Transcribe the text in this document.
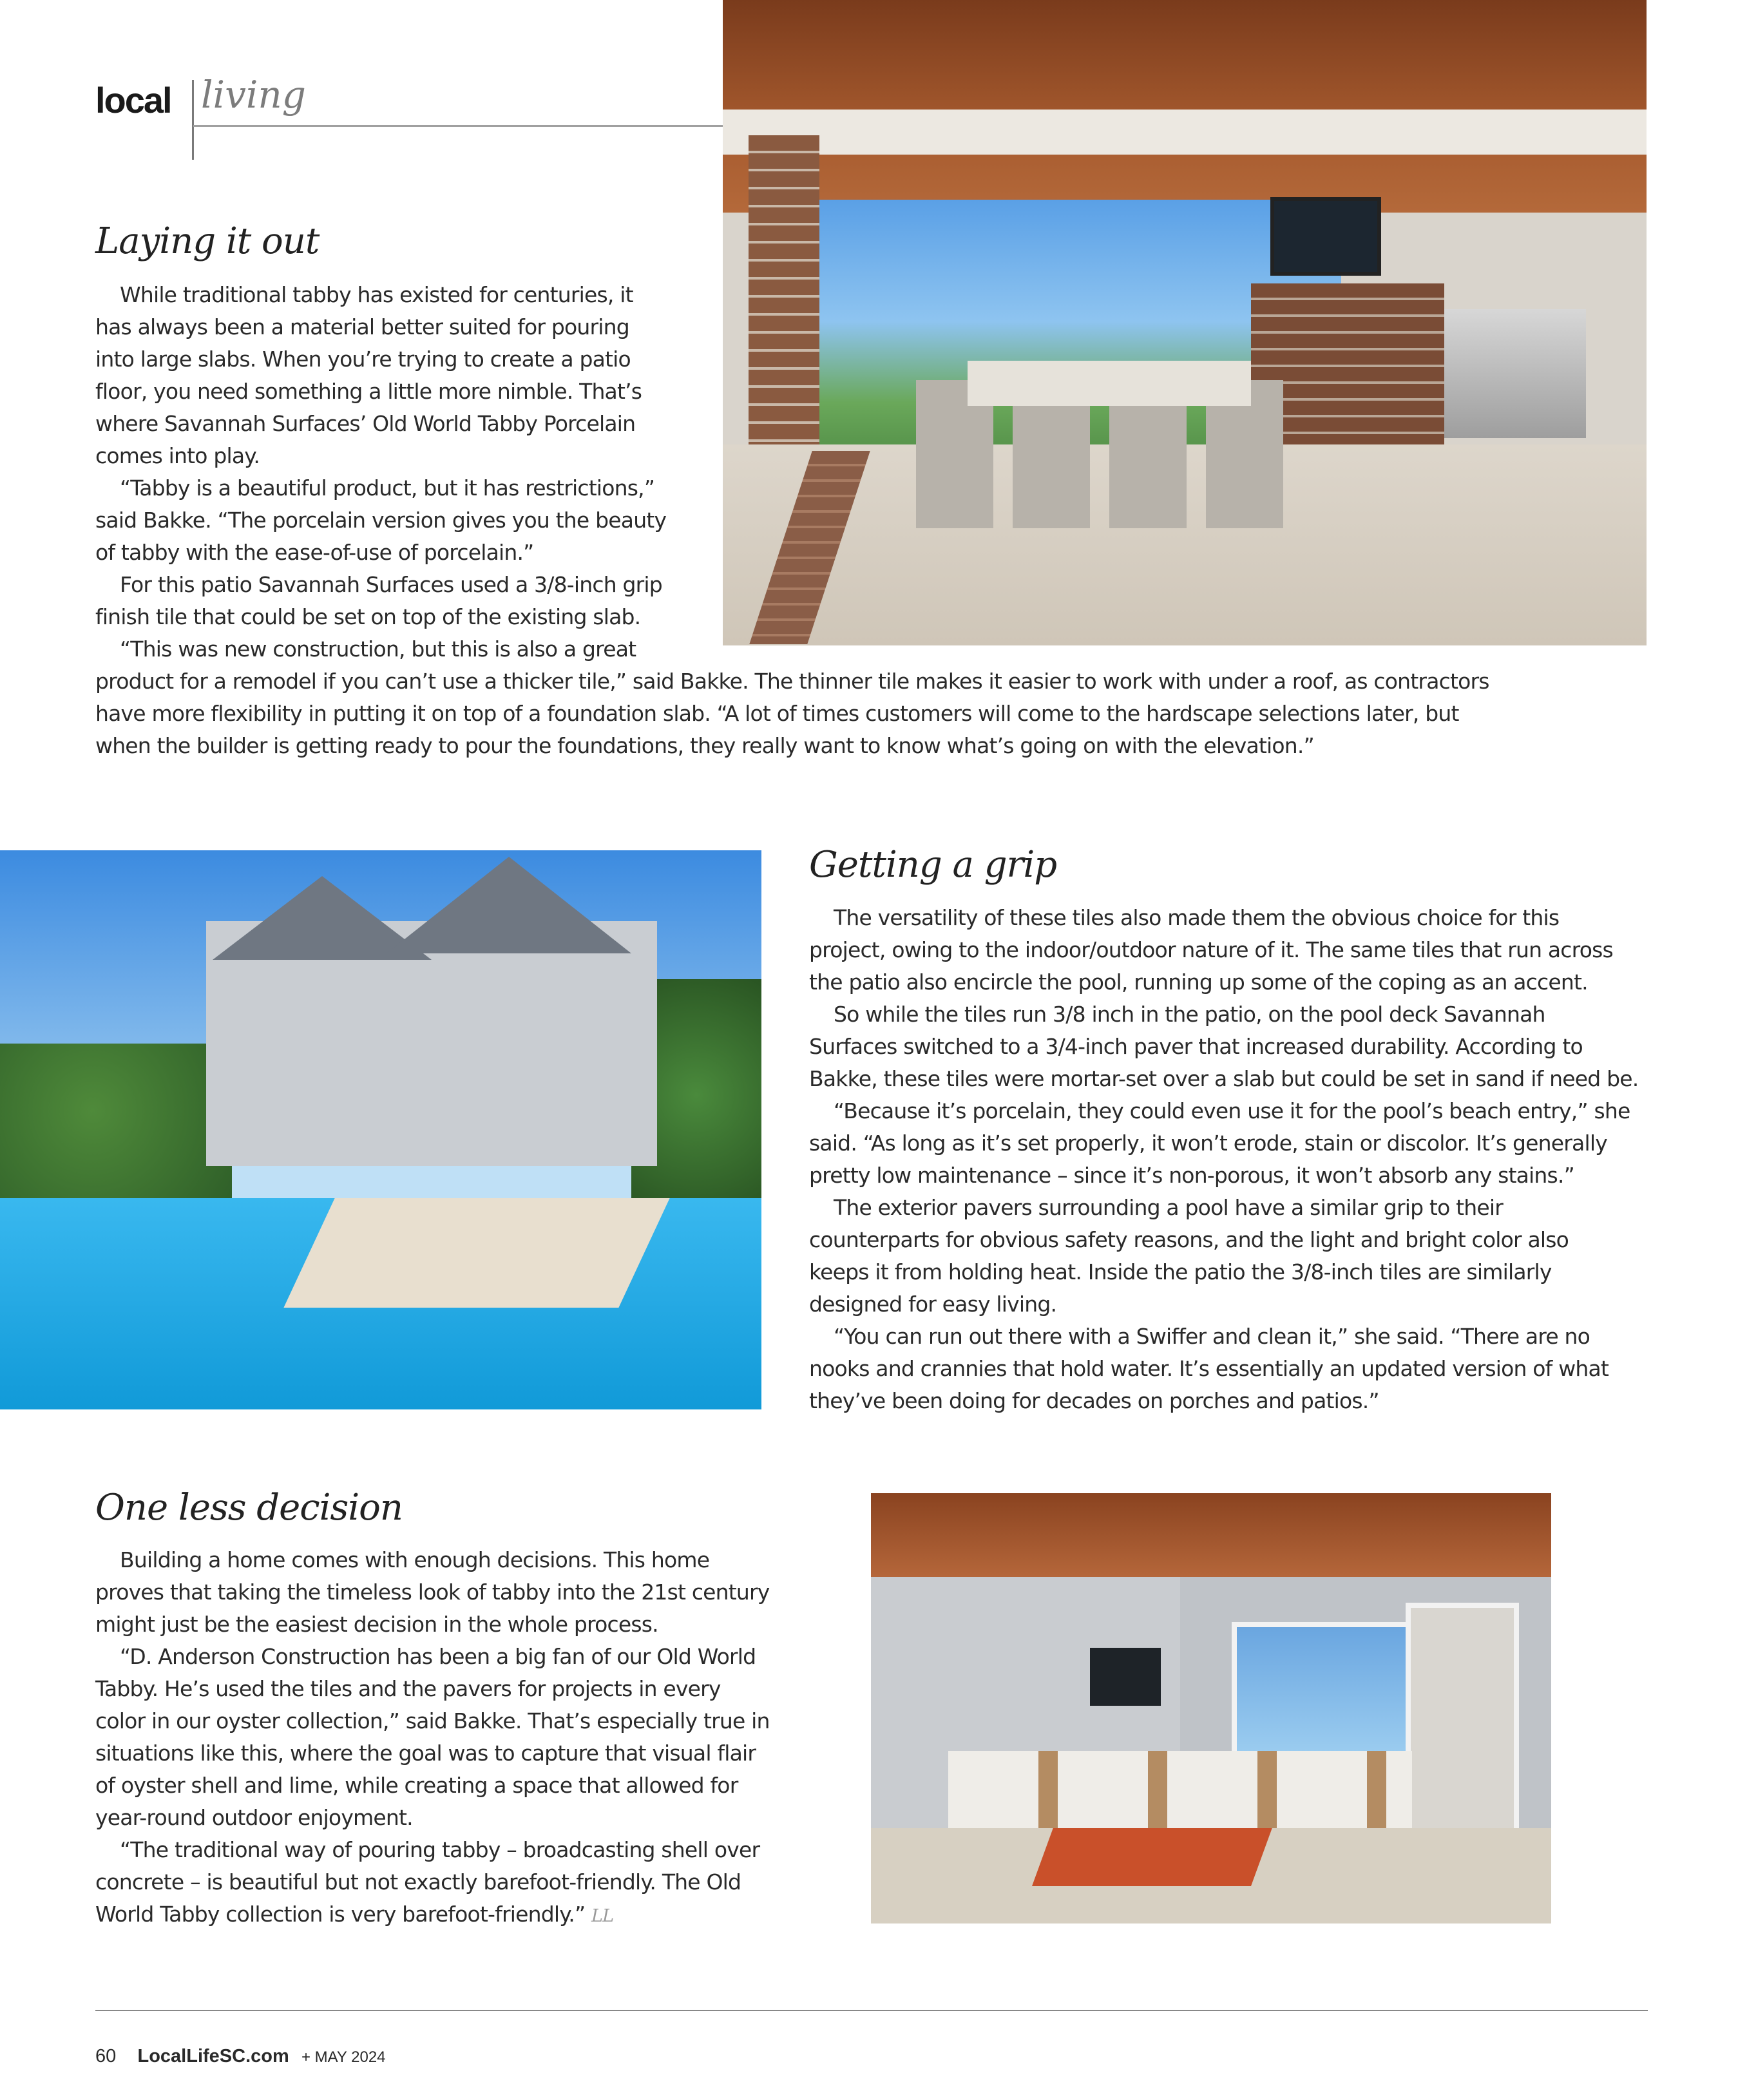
local living
Laying it out
While traditional tabby has existed for centuries, it
has always been a material better suited for pouring
into large slabs. When you’re trying to create a patio
floor, you need something a little more nimble. That’s
where Savannah Surfaces’ Old World Tabby Porcelain
comes into play.
“Tabby is a beautiful product, but it has restrictions,”
said Bakke. “The porcelain version gives you the beauty
of tabby with the ease-of-use of porcelain.”
For this patio Savannah Surfaces used a 3/8-inch grip
finish tile that could be set on top of the existing slab.
“This was new construction, but this is also a great
product for a remodel if you can’t use a thicker tile,” said Bakke. The thinner tile makes it easier to work with under a roof, as contractors
have more flexibility in putting it on top of a foundation slab. “A lot of times customers will come to the hardscape selections later, but
when the builder is getting ready to pour the foundations, they really want to know what’s going on with the elevation.”
Getting a grip
The versatility of these tiles also made them the obvious choice for this
project, owing to the indoor/outdoor nature of it. The same tiles that run across
the patio also encircle the pool, running up some of the coping as an accent.
So while the tiles run 3/8 inch in the patio, on the pool deck Savannah
Surfaces switched to a 3/4-inch paver that increased durability. According to
Bakke, these tiles were mortar-set over a slab but could be set in sand if need be.
“Because it’s porcelain, they could even use it for the pool’s beach entry,” she
said. “As long as it’s set properly, it won’t erode, stain or discolor. It’s generally
pretty low maintenance – since it’s non-porous, it won’t absorb any stains.”
The exterior pavers surrounding a pool have a similar grip to their
counterparts for obvious safety reasons, and the light and bright color also
keeps it from holding heat. Inside the patio the 3/8-inch tiles are similarly
designed for easy living.
“You can run out there with a Swiffer and clean it,” she said. “There are no
nooks and crannies that hold water. It’s essentially an updated version of what
they’ve been doing for decades on porches and patios.”
One less decision
Building a home comes with enough decisions. This home
proves that taking the timeless look of tabby into the 21st century
might just be the easiest decision in the whole process.
“D. Anderson Construction has been a big fan of our Old World
Tabby. He’s used the tiles and the pavers for projects in every
color in our oyster collection,” said Bakke. That’s especially true in
situations like this, where the goal was to capture that visual flair
of oyster shell and lime, while creating a space that allowed for
year-round outdoor enjoyment.
“The traditional way of pouring tabby – broadcasting shell over
concrete – is beautiful but not exactly barefoot-friendly. The Old
World Tabby collection is very barefoot-friendly.” LL
60 LocalLifeSC.com + MAY 2024
